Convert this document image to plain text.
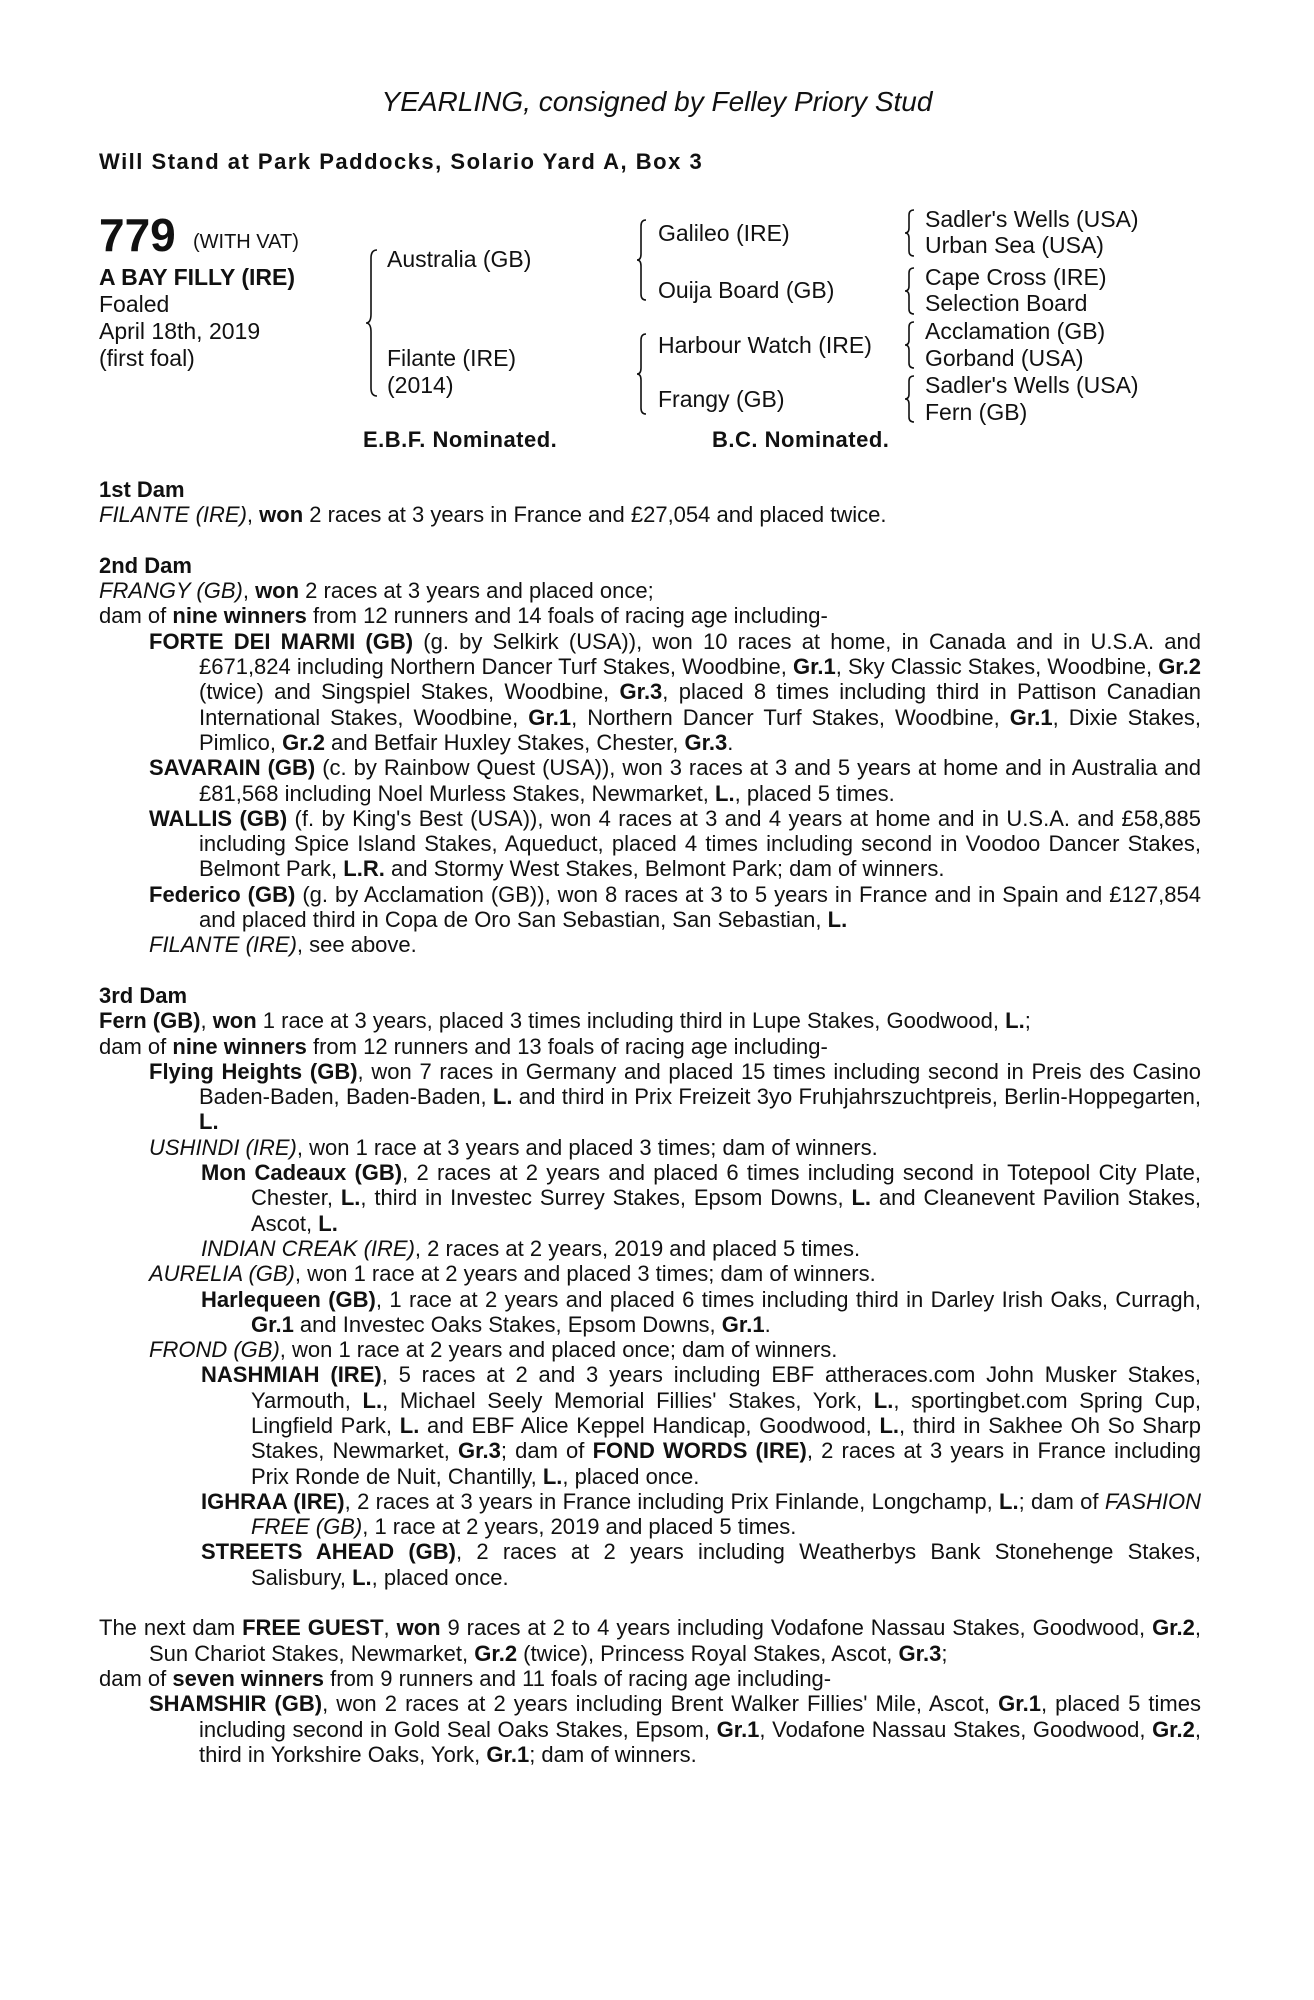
YEARLING, consigned by Felley Priory Stud
Will Stand at Park Paddocks, Solario Yard A, Box 3
779 (WITH VAT)
A BAY FILLY (IRE)
Foaled
April 18th, 2019
(first foal)
Australia (GB)
Filante (IRE)
(2014)
Galileo (IRE)
Ouija Board (GB)
Harbour Watch (IRE)
Frangy (GB)
Sadler's Wells (USA)
Urban Sea (USA)
Cape Cross (IRE)
Selection Board
Acclamation (GB)
Gorband (USA)
Sadler's Wells (USA)
Fern (GB)
E.B.F. Nominated.	B.C. Nominated.
1st Dam
FILANTE (IRE), won 2 races at 3 years in France and £27,054 and placed twice.
2nd Dam
FRANGY (GB), won 2 races at 3 years and placed once;
dam of nine winners from 12 runners and 14 foals of racing age including-
FORTE DEI MARMI (GB) (g. by Selkirk (USA)), won 10 races at home, in Canada and in U.S.A. and £671,824 including Northern Dancer Turf Stakes, Woodbine, Gr.1, Sky Classic Stakes, Woodbine, Gr.2 (twice) and Singspiel Stakes, Woodbine, Gr.3, placed 8 times including third in Pattison Canadian International Stakes, Woodbine, Gr.1, Northern Dancer Turf Stakes, Woodbine, Gr.1, Dixie Stakes, Pimlico, Gr.2 and Betfair Huxley Stakes, Chester, Gr.3.
SAVARAIN (GB) (c. by Rainbow Quest (USA)), won 3 races at 3 and 5 years at home and in Australia and £81,568 including Noel Murless Stakes, Newmarket, L., placed 5 times.
WALLIS (GB) (f. by King's Best (USA)), won 4 races at 3 and 4 years at home and in U.S.A. and £58,885 including Spice Island Stakes, Aqueduct, placed 4 times including second in Voodoo Dancer Stakes, Belmont Park, L.R. and Stormy West Stakes, Belmont Park; dam of winners.
Federico (GB) (g. by Acclamation (GB)), won 8 races at 3 to 5 years in France and in Spain and £127,854 and placed third in Copa de Oro San Sebastian, San Sebastian, L.
FILANTE (IRE), see above.
3rd Dam
Fern (GB), won 1 race at 3 years, placed 3 times including third in Lupe Stakes, Goodwood, L.;
dam of nine winners from 12 runners and 13 foals of racing age including-
Flying Heights (GB), won 7 races in Germany and placed 15 times including second in Preis des Casino Baden-Baden, Baden-Baden, L. and third in Prix Freizeit 3yo Fruhjahrszuchtpreis, Berlin-Hoppegarten, L.
USHINDI (IRE), won 1 race at 3 years and placed 3 times; dam of winners.
Mon Cadeaux (GB), 2 races at 2 years and placed 6 times including second in Totepool City Plate, Chester, L., third in Investec Surrey Stakes, Epsom Downs, L. and Cleanevent Pavilion Stakes, Ascot, L.
INDIAN CREAK (IRE), 2 races at 2 years, 2019 and placed 5 times.
AURELIA (GB), won 1 race at 2 years and placed 3 times; dam of winners.
Harlequeen (GB), 1 race at 2 years and placed 6 times including third in Darley Irish Oaks, Curragh, Gr.1 and Investec Oaks Stakes, Epsom Downs, Gr.1.
FROND (GB), won 1 race at 2 years and placed once; dam of winners.
NASHMIAH (IRE), 5 races at 2 and 3 years including EBF attheraces.com John Musker Stakes, Yarmouth, L., Michael Seely Memorial Fillies' Stakes, York, L., sportingbet.com Spring Cup, Lingfield Park, L. and EBF Alice Keppel Handicap, Goodwood, L., third in Sakhee Oh So Sharp Stakes, Newmarket, Gr.3; dam of FOND WORDS (IRE), 2 races at 3 years in France including Prix Ronde de Nuit, Chantilly, L., placed once.
IGHRAA (IRE), 2 races at 3 years in France including Prix Finlande, Longchamp, L.; dam of FASHION FREE (GB), 1 race at 2 years, 2019 and placed 5 times.
STREETS AHEAD (GB), 2 races at 2 years including Weatherbys Bank Stonehenge Stakes, Salisbury, L., placed once.
The next dam FREE GUEST, won 9 races at 2 to 4 years including Vodafone Nassau Stakes, Goodwood, Gr.2, Sun Chariot Stakes, Newmarket, Gr.2 (twice), Princess Royal Stakes, Ascot, Gr.3;
dam of seven winners from 9 runners and 11 foals of racing age including-
SHAMSHIR (GB), won 2 races at 2 years including Brent Walker Fillies' Mile, Ascot, Gr.1, placed 5 times including second in Gold Seal Oaks Stakes, Epsom, Gr.1, Vodafone Nassau Stakes, Goodwood, Gr.2, third in Yorkshire Oaks, York, Gr.1; dam of winners.
